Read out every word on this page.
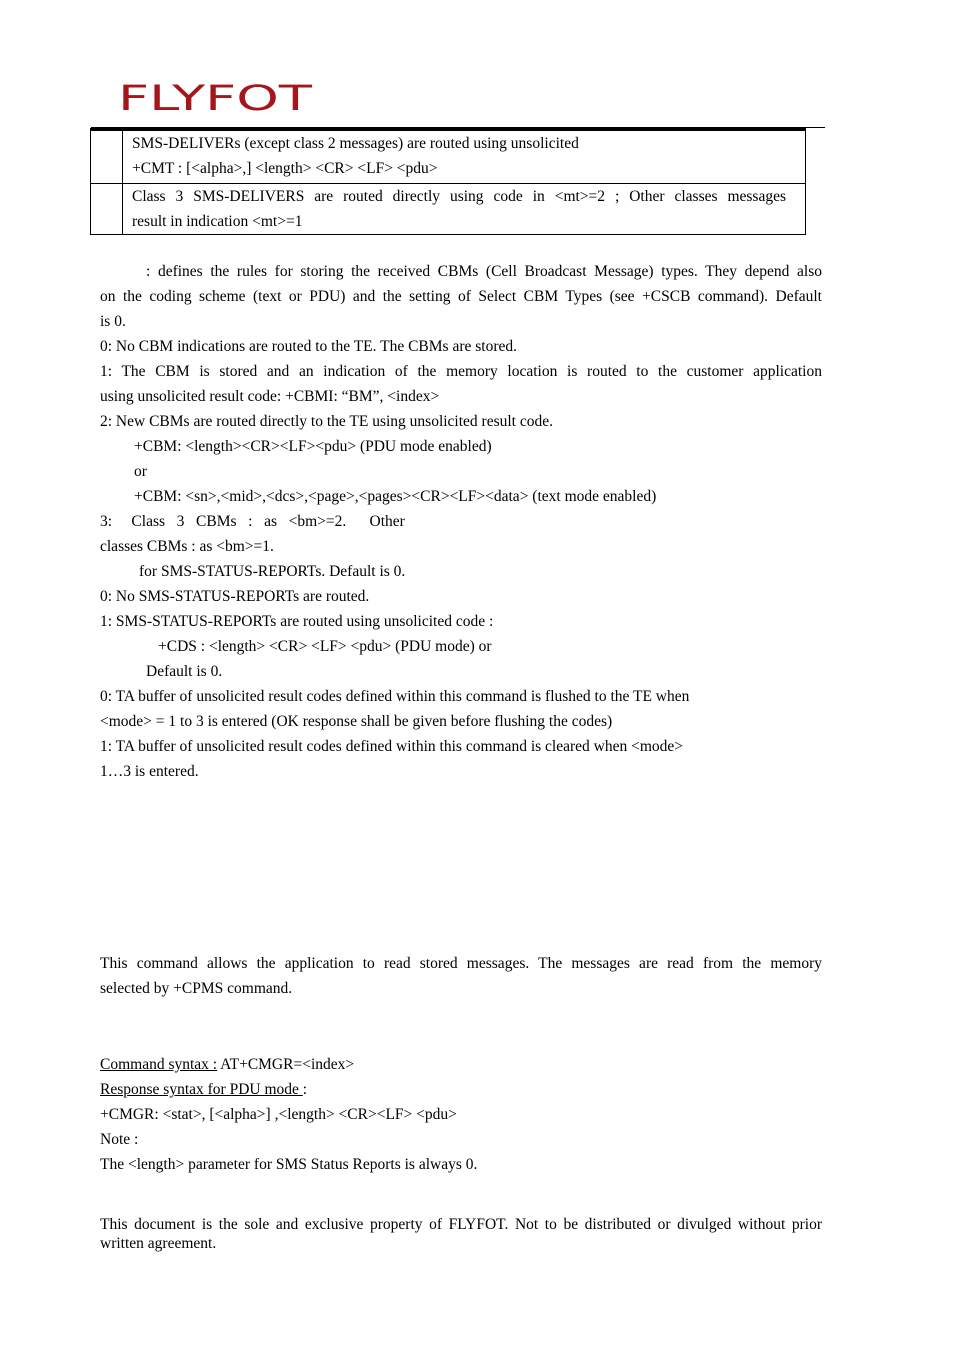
FLYFOT

	SMS-DELIVERs (except class 2 messages) are routed using unsolicited
+CMT : [<alpha>,] <length> <CR> <LF> <pdu>

	Class 3 SMS-DELIVERS are routed directly using code in <mt>=2 ; Other classes messages
result in indication <mt>=1
: defines the rules for storing the received CBMs (Cell Broadcast Message) types. They depend also
on the coding scheme (text or PDU) and the setting of Select CBM Types (see +CSCB command). Default
is 0.
0: No CBM indications are routed to the TE. The CBMs are stored.
1: The CBM is stored and an indication of the memory location is routed to the customer application
using unsolicited result code: +CBMI: “BM”, <index>
2: New CBMs are routed directly to the TE using unsolicited result code.
+CBM: <length><CR><LF><pdu> (PDU mode enabled)
or
+CBM: <sn>,<mid>,<dcs>,<page>,<pages><CR><LF><data> (text mode enabled)
3:     Class   3   CBMs   :   as   <bm>=2.      Other
classes CBMs : as <bm>=1.
for SMS-STATUS-REPORTs. Default is 0.
0: No SMS-STATUS-REPORTs are routed.
1: SMS-STATUS-REPORTs are routed using unsolicited code :
+CDS : <length> <CR> <LF> <pdu> (PDU mode) or
Default is 0.
0: TA buffer of unsolicited result codes defined within this command is flushed to the TE when
<mode> = 1 to 3 is entered (OK response shall be given before flushing the codes)
1: TA buffer of unsolicited result codes defined within this command is cleared when <mode>
1…3 is entered.
This command allows the application to read stored messages. The messages are read from the memory
selected by +CPMS command.
Command syntax : AT+CMGR=<index>
Response syntax for PDU mode :
+CMGR: <stat>, [<alpha>] ,<length> <CR><LF> <pdu>
Note :
The <length> parameter for SMS Status Reports is always 0.
This document is the sole and exclusive property of FLYFOT. Not to be distributed or divulged without prior written agreement.
